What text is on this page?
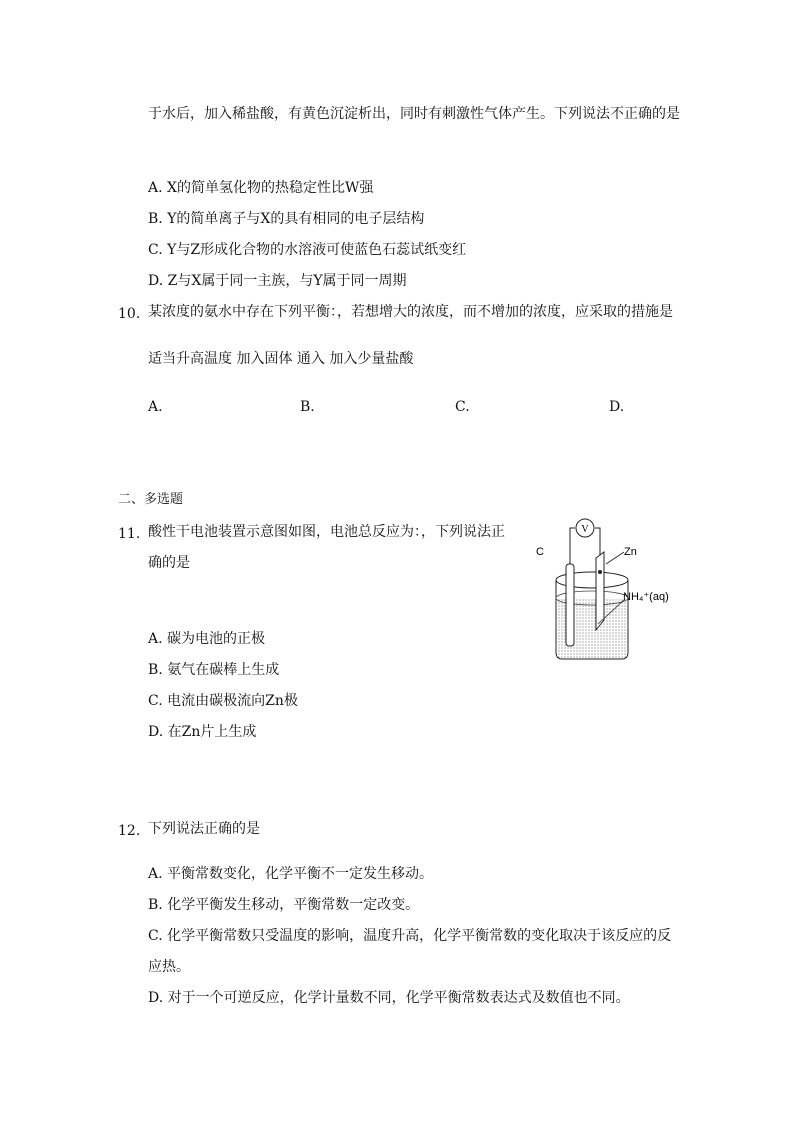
于水后，加入稀盐酸，有黄色沉淀析出，同时有刺激性气体产生。下列说法不正确的是
A. X的简单氢化物的热稳定性比W强
B. Y的简单离子与X的具有相同的电子层结构
C. Y与Z形成化合物的水溶液可使蓝色石蕊试纸变红
D. Z与X属于同一主族，与Y属于同一周期
10. 某浓度的氨水中存在下列平衡：，若想增大的浓度，而不增加的浓度，应采取的措施是
适当升高温度 加入固体 通入 加入少量盐酸
A.	B.	C.	D.
二、多选题
11. 酸性干电池装置示意图如图，电池总反应为：，下列说法正
确的是
A. 碳为电池的正极
B. 氨气在碳棒上生成
C. 电流由碳极流向Zn极
D. 在Zn片上生成
V
C	Zn
NH₄⁺(aq)
12. 下列说法正确的是
A. 平衡常数变化，化学平衡不一定发生移动。
B. 化学平衡发生移动，平衡常数一定改变。
C. 化学平衡常数只受温度的影响，温度升高，化学平衡常数的变化取决于该反应的反
应热。
D. 对于一个可逆反应，化学计量数不同，化学平衡常数表达式及数值也不同。
